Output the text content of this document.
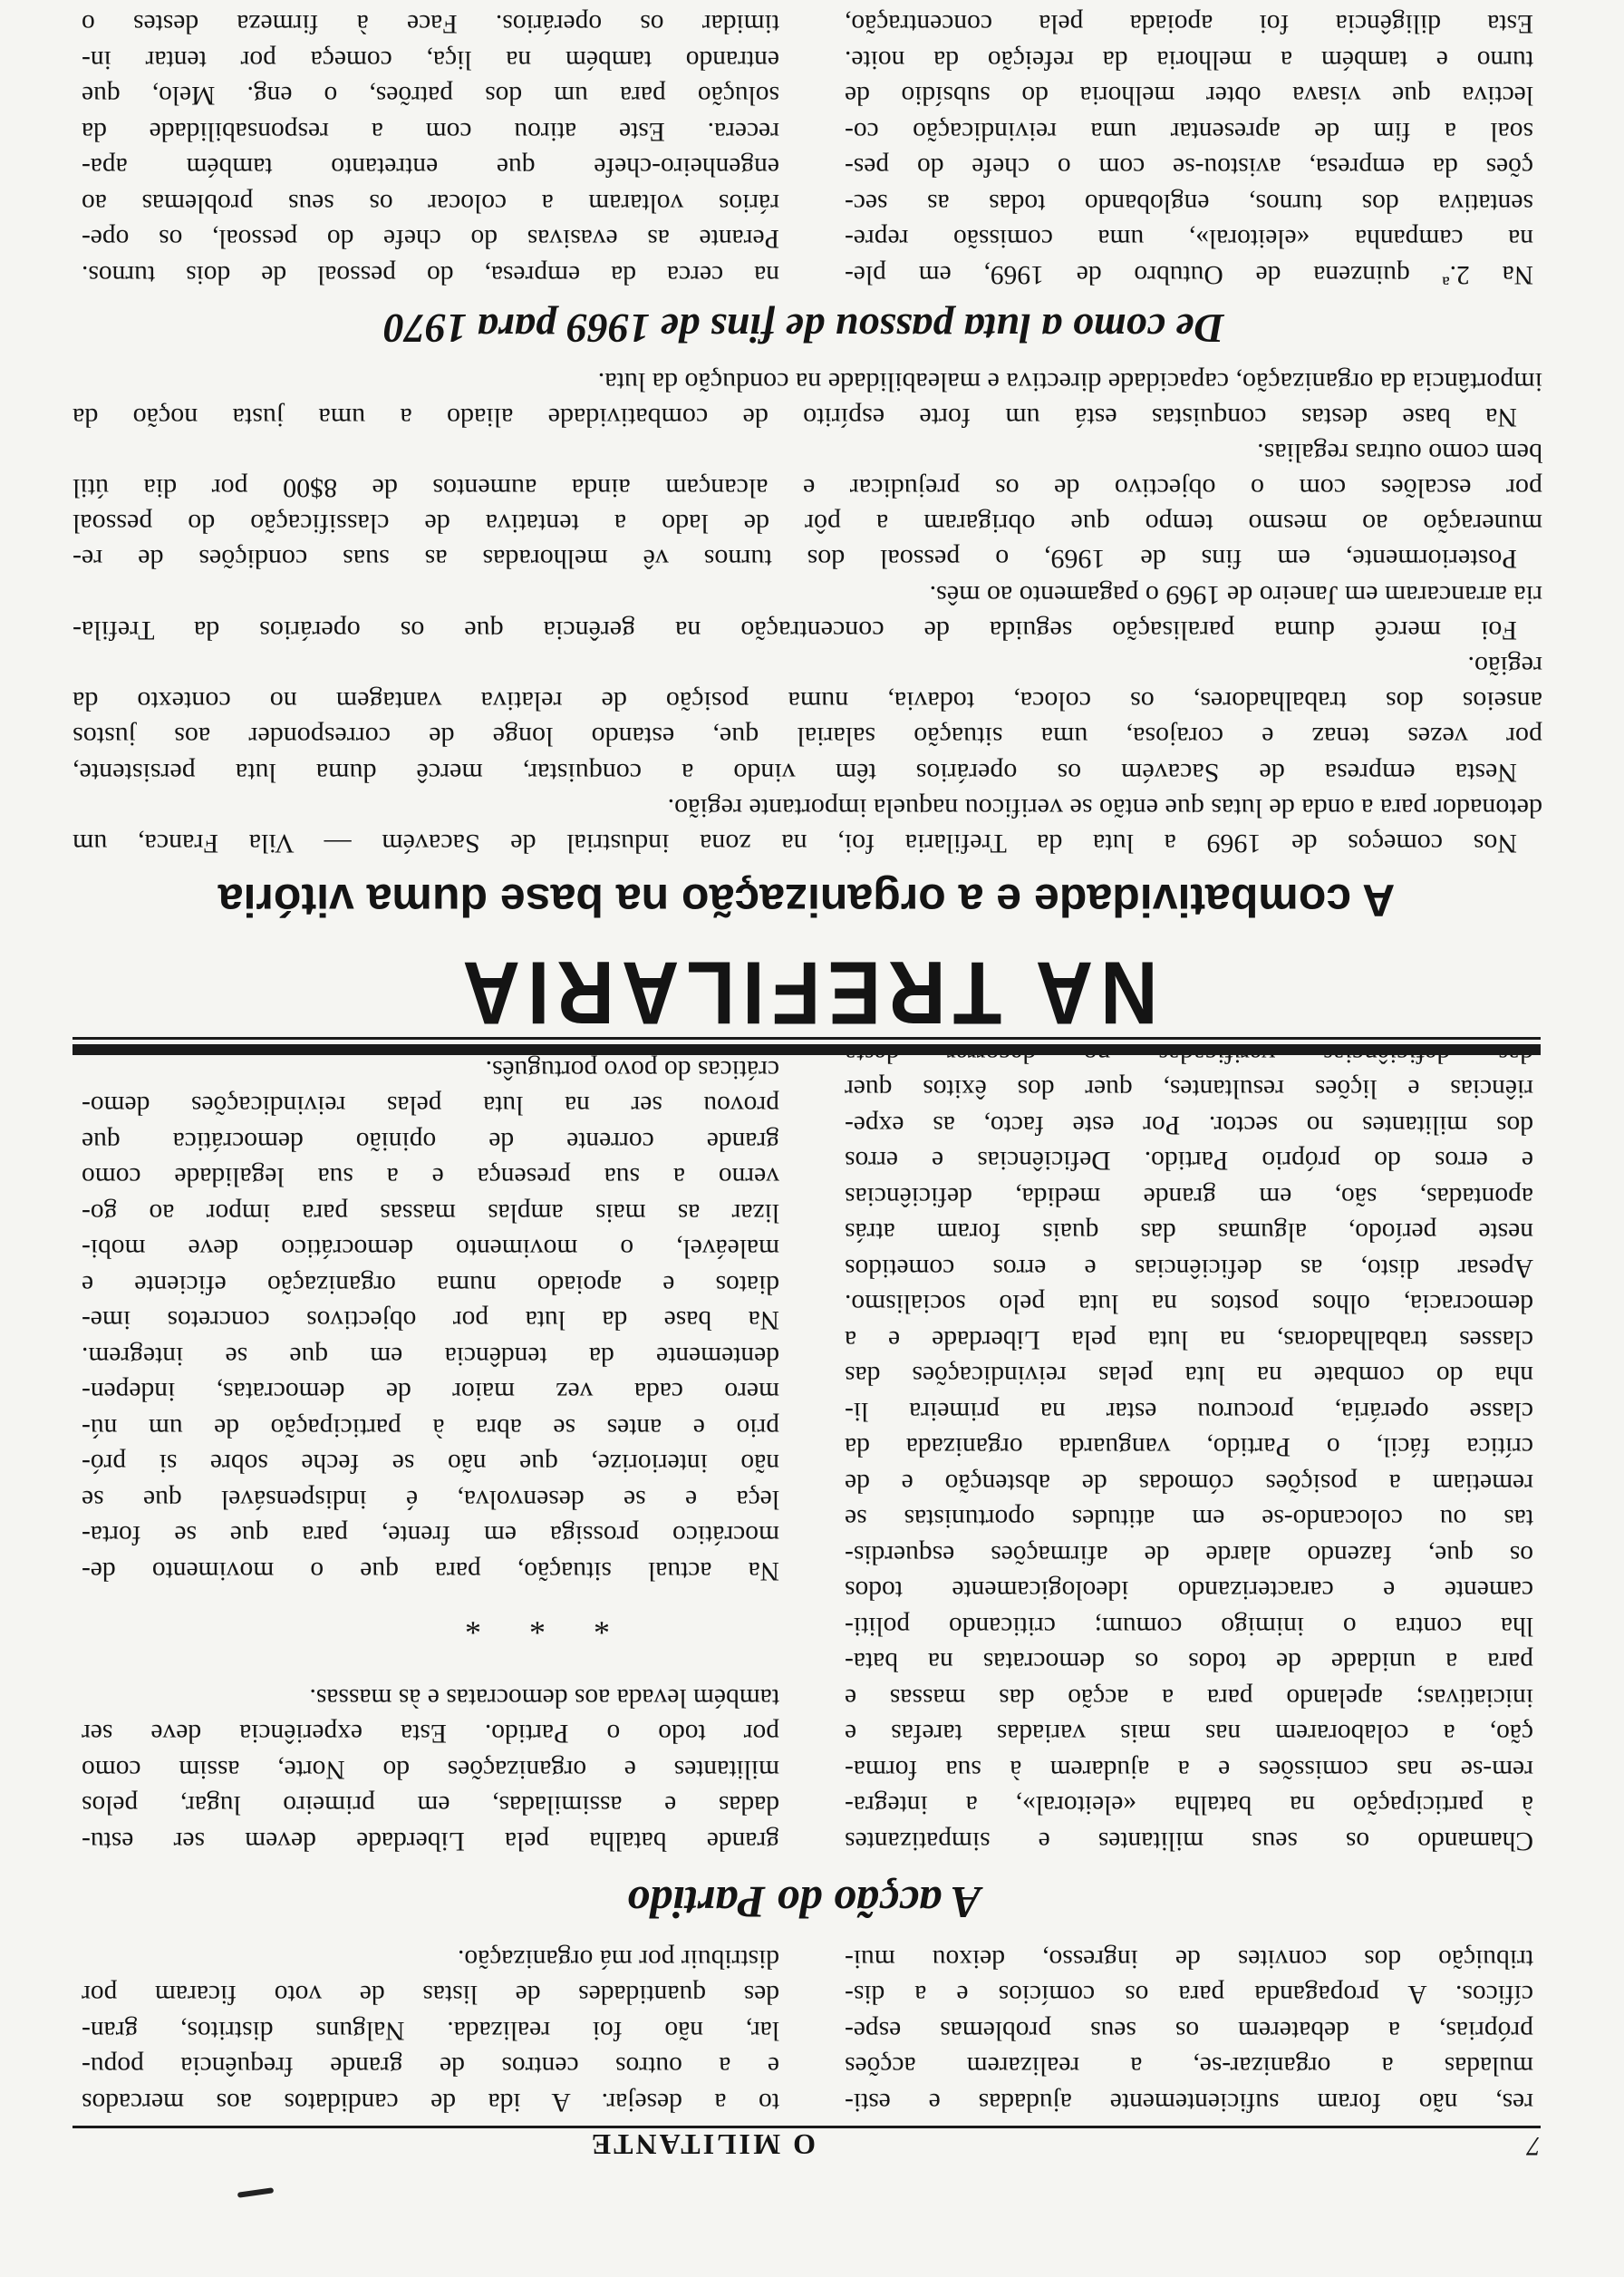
7
O MILITANTE
res, não foram suficientemente ajudadas e esti-
muladas a organizar-se, a realizarem acções
próprias, a debaterem os seus problemas espe-
cíficos. A propaganda para os comícios e a dis-
tribuição dos convites de ingresso, deixou mui-
to a desejar. A ida de candidatos aos mercados
e a outros centros de grande frequência popu-
lar, não foi realizada. Nalguns distritos, gran-
des quantidades de listas de voto ficaram por
distribuir por má organização.
A acção do Partido
Chamando os seus militantes e simpatizantes
à participação na batalha «eleitoral», a integra-
rem-se nas comissões e a ajudarem à sua forma-
ção, a colaborarem nas mais variadas tarefas e
iniciativas; apelando para a acção das massas e
para a unidade de todos os democratas na bata-
lha contra o inimigo comum; criticando politi-
camente e caracterizando ideologicamente todos
os que, fazendo alarde de afirmações esquerdis-
tas ou colocando-se em atitudes oportunistas se
remetiam a posições cómodas de abstenção e de
crítica fácil, o Partido, vanguarda organizada da
classe operária, procurou estar na primeira li-
nha do combate na luta pelas reivindicações das
classes trabalhadoras, na luta pela Liberdade e a
democracia, olhos postos na luta pelo socialismo.
Apesar disto, as deficiências e erros cometidos
neste período, algumas das quais foram atrás
apontadas, são, em grande medida, deficiências
e erros do próprio Partido. Deficiências e erros
dos militantes no sector. Por este facto, as expe-
riências e lições resultantes, quer dos êxitos quer
grande batalha pela Liberdade devem ser estu-
dadas e assimiladas, em primeiro lugar, pelos
militantes e organizações do Norte, assim como
por todo o Partido. Esta experiência deve ser
também levada aos democratas e às massas.
* * *
Na actual situação, para que o movimento de-
mocrático prossiga em frente, para que se forta-
leça e se desenvolva, é indispensável que se
não interiorize, que não se feche sobre si pró-
prio e antes se abra à participação de um nú-
mero cada vez maior de democratas, indepen-
dentemente da tendência em que se integrem.
Na base da luta por objectivos concretos ime-
diatos e apoiado numa organização eficiente e
maleável, o movimento democrático deve mobi-
lizar as mais amplas massas para impor ao go-
verno a sua presença e a sua legalidade como
grande corrente de opinião democrática que
provou ser na luta pelas reivindicações demo-
cráticas do povo português.
NA TREFILARIA
A combatividade e a organização na base duma vitória
Nos começos de 1969 a luta da Trefilaria foi, na zona industrial de Sacavém — Vila Franca, um
detonador para a onda de lutas que então se verificou naquela importante região.
Nesta empresa de Sacavém os operários têm vindo a conquistar, mercê duma luta persistente,
por vezes tenaz e corajosa, uma situação salarial que, estando longe de corresponder aos justos
anseios dos trabalhadores, os coloca, todavia, numa posição de relativa vantagem no contexto da
região.
Foi mercê duma paralisação seguida de concentração na gerência que os operários da Trefila-
ria arrancaram em Janeiro de 1969 o pagamento ao mês.
Posteriormente, em fins de 1969, o pessoal dos turnos vê melhoradas as suas condições de re-
muneração ao mesmo tempo que obrigaram a pôr de lado a tentativa de classificação do pessoal
por escalões com o objectivo de os prejudicar e alcançam ainda aumentos de 8$00 por dia útil
bem como outras regalias.
Na base destas conquistas está um forte espírito de combatividade aliado a uma justa noção da
importância da organização, capacidade directiva e maleabilidade na condução da luta.
De como a luta passou de fins de 1969 para 1970
Na 2.ª quinzena de Outubro de 1969, em ple-
na campanha «eleitoral», uma comissão repre-
sentativa dos turnos, englobando todas as sec-
ções da empresa, avistou-se com o chefe do pes-
soal a fim de apresentar uma reivindicação co-
lectiva que visava obter melhoria do subsídio de
turno e também a melhoria da refeição da noite.
Esta diligência foi apoiada pela concentração,
na cerca da empresa, do pessoal de dois turnos.
Perante as evasivas do chefe do pessoal, os ope-
rários voltaram a colocar os seus problemas ao
engenheiro-chefe que entretanto também apa-
recera. Este atirou com a responsabilidade da
solução para um dos patrões, o eng. Melo, que
entrando também na liça, começa por tentar in-
timidar os operários. Face à firmeza destes o
